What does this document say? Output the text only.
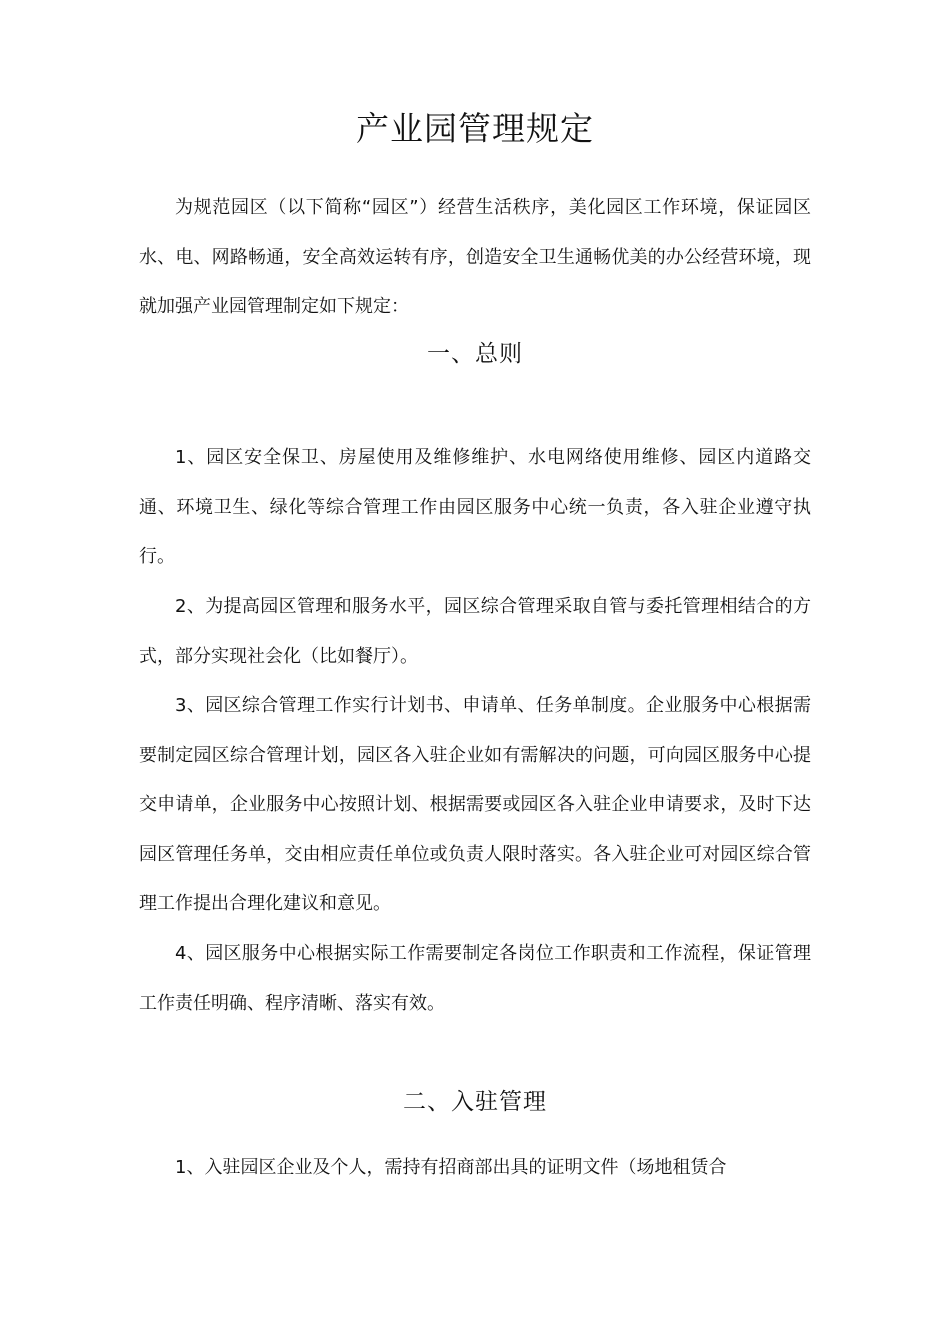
产业园管理规定

为规范园区（以下简称“园区”）经营生活秩序，美化园区工作环境，保证园区水、电、网路畅通，安全高效运转有序，创造安全卫生通畅优美的办公经营环境，现就加强产业园管理制定如下规定：

一、总则

1、园区安全保卫、房屋使用及维修维护、水电网络使用维修、园区内道路交通、环境卫生、绿化等综合管理工作由园区服务中心统一负责，各入驻企业遵守执行。

2、为提高园区管理和服务水平，园区综合管理采取自管与委托管理相结合的方式，部分实现社会化（比如餐厅）。

3、园区综合管理工作实行计划书、申请单、任务单制度。企业服务中心根据需要制定园区综合管理计划，园区各入驻企业如有需解决的问题，可向园区服务中心提交申请单，企业服务中心按照计划、根据需要或园区各入驻企业申请要求，及时下达园区管理任务单，交由相应责任单位或负责人限时落实。各入驻企业可对园区综合管理工作提出合理化建议和意见。

4、园区服务中心根据实际工作需要制定各岗位工作职责和工作流程，保证管理工作责任明确、程序清晰、落实有效。

二、入驻管理

1、入驻园区企业及个人，需持有招商部出具的证明文件（场地租赁合
